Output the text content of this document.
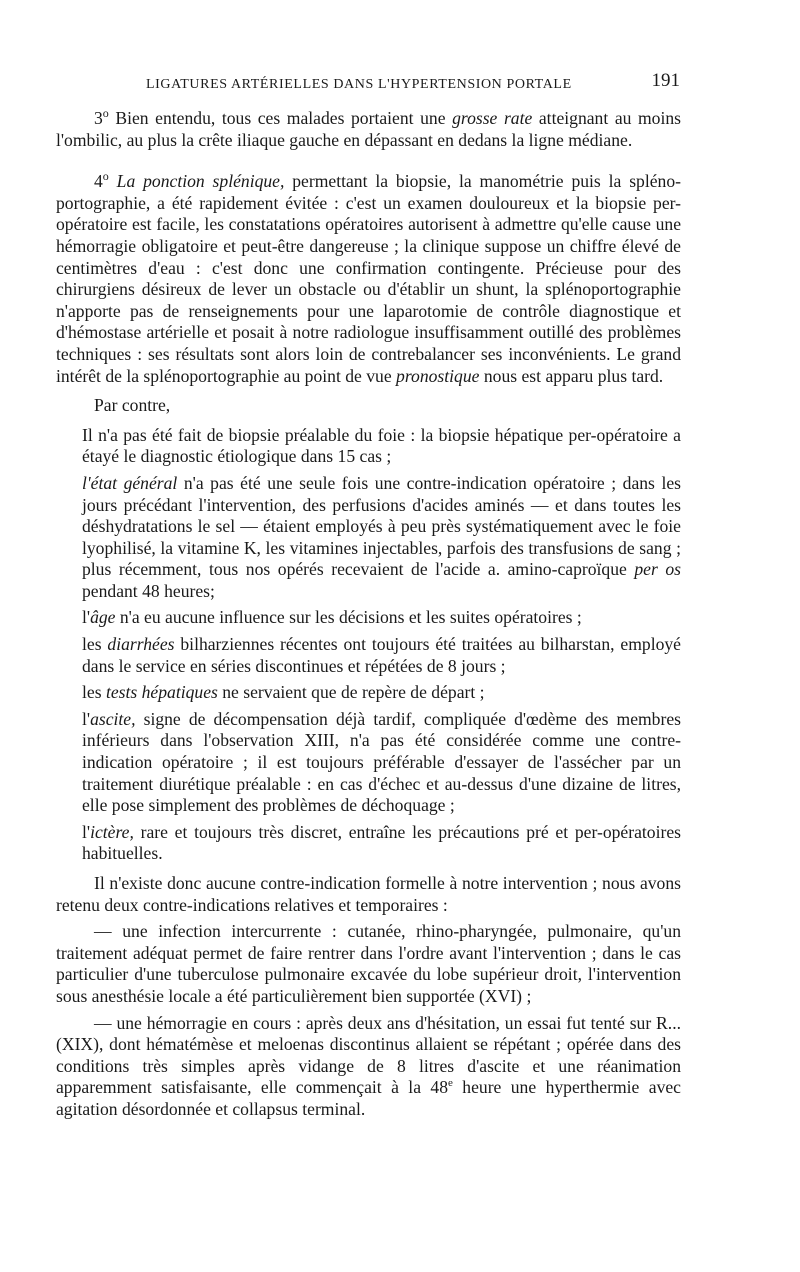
LIGATURES ARTÉRIELLES DANS L'HYPERTENSION PORTALE	191

3$^o$ Bien entendu, tous ces malades portaient une grosse rate atteignant au moins l'ombilic, au plus la crête iliaque gauche en dépassant en dedans la ligne médiane.

4$^o$ La ponction splénique, permettant la biopsie, la manométrie puis la spléno-portographie, a été rapidement évitée : c'est un examen douloureux et la biopsie per-opératoire est facile, les constatations opératoires autorisent à admettre qu'elle cause une hémorragie obligatoire et peut-être dangereuse ; la clinique suppose un chiffre élevé de centimètres d'eau : c'est donc une confirmation contingente. Précieuse pour des chirurgiens désireux de lever un obstacle ou d'établir un shunt, la splénoportographie n'apporte pas de renseignements pour une laparotomie de contrôle diagnostique et d'hémostase artérielle et posait à notre radiologue insuffisamment outillé des problèmes techniques : ses résultats sont alors loin de contrebalancer ses inconvénients. Le grand intérêt de la splénoportographie au point de vue pronostique nous est apparu plus tard.

Par contre,

Il n'a pas été fait de biopsie préalable du foie : la biopsie hépatique per-opératoire a étayé le diagnostic étiologique dans 15 cas ;

l'état général n'a pas été une seule fois une contre-indication opératoire ; dans les jours précédant l'intervention, des perfusions d'acides aminés — et dans toutes les déshydratations le sel — étaient employés à peu près systématiquement avec le foie lyophilisé, la vitamine K, les vitamines injectables, parfois des transfusions de sang ; plus récemment, tous nos opérés recevaient de l'acide a. amino-caproïque per os pendant 48 heures;

l'âge n'a eu aucune influence sur les décisions et les suites opératoires ;

les diarrhées bilharziennes récentes ont toujours été traitées au bilharstan, employé dans le service en séries discontinues et répétées de 8 jours ;

les tests hépatiques ne servaient que de repère de départ ;

l'ascite, signe de décompensation déjà tardif, compliquée d'œdème des membres inférieurs dans l'observation XIII, n'a pas été considérée comme une contre-indication opératoire ; il est toujours préférable d'essayer de l'assécher par un traitement diurétique préalable : en cas d'échec et au-dessus d'une dizaine de litres, elle pose simplement des problèmes de déchoquage ;

l'ictère, rare et toujours très discret, entraîne les précautions pré et per-opératoires habituelles.

Il n'existe donc aucune contre-indication formelle à notre intervention ; nous avons retenu deux contre-indications relatives et temporaires :

— une infection intercurrente : cutanée, rhino-pharyngée, pulmonaire, qu'un traitement adéquat permet de faire rentrer dans l'ordre avant l'intervention ; dans le cas particulier d'une tuberculose pulmonaire excavée du lobe supérieur droit, l'intervention sous anesthésie locale a été particulièrement bien supportée (XVI) ;

— une hémorragie en cours : après deux ans d'hésitation, un essai fut tenté sur R... (XIX), dont hématémèse et meloenas discontinus allaient se répétant ; opérée dans des conditions très simples après vidange de 8 litres d'ascite et une réanimation apparemment satisfaisante, elle commençait à la 48e heure une hyperthermie avec agitation désordonnée et collapsus terminal.
